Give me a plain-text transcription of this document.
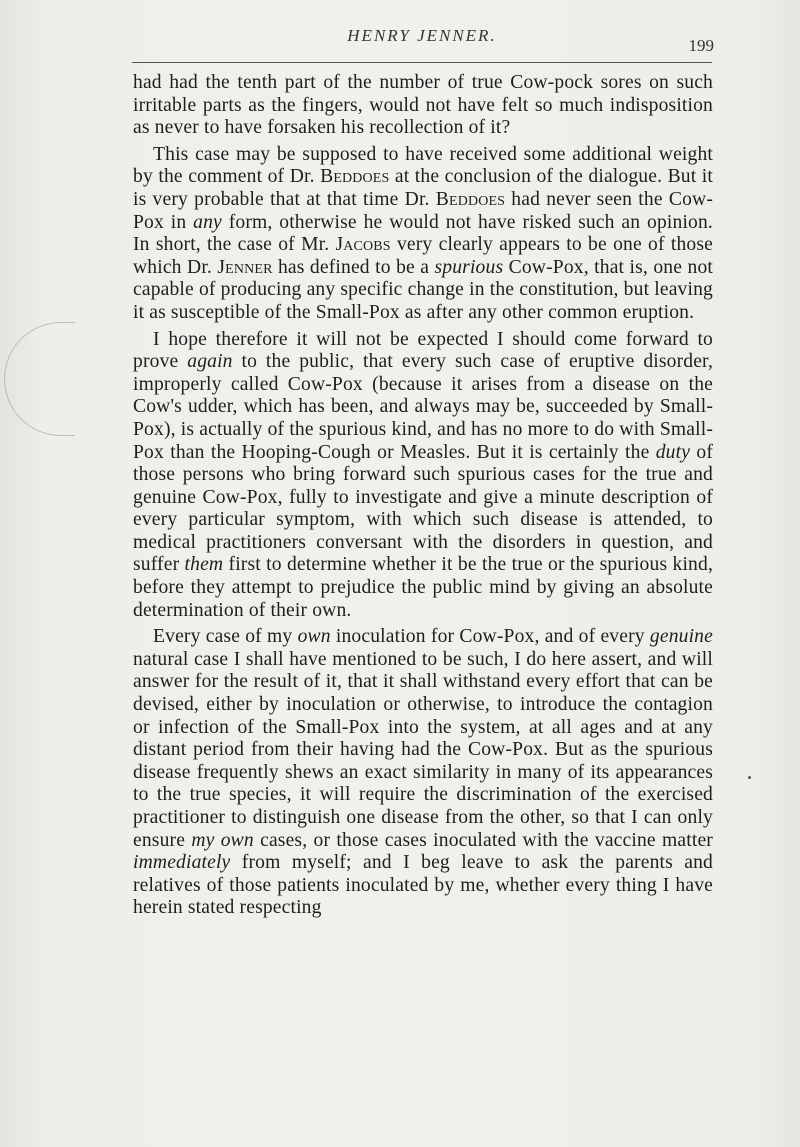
HENRY JENNER.
199

had had the tenth part of the number of true Cow-pock sores on such irritable parts as the fingers, would not have felt so much indisposition as never to have forsaken his recollection of it?

This case may be supposed to have received some additional weight by the comment of Dr. Beddoes at the conclusion of the dialogue. But it is very probable that at that time Dr. Beddoes had never seen the Cow-Pox in any form, otherwise he would not have risked such an opinion. In short, the case of Mr. Jacobs very clearly appears to be one of those which Dr. Jenner has defined to be a spurious Cow-Pox, that is, one not capable of producing any specific change in the constitution, but leaving it as susceptible of the Small-Pox as after any other common eruption.

I hope therefore it will not be expected I should come forward to prove again to the public, that every such case of eruptive disorder, improperly called Cow-Pox (because it arises from a disease on the Cow's udder, which has been, and always may be, succeeded by Small-Pox), is actually of the spurious kind, and has no more to do with Small-Pox than the Hooping-Cough or Measles. But it is certainly the duty of those persons who bring forward such spurious cases for the true and genuine Cow-Pox, fully to investigate and give a minute description of every particular symptom, with which such disease is attended, to medical practitioners conversant with the disorders in question, and suffer them first to determine whether it be the true or the spurious kind, before they attempt to prejudice the public mind by giving an absolute determination of their own.

Every case of my own inoculation for Cow-Pox, and of every genuine natural case I shall have mentioned to be such, I do here assert, and will answer for the result of it, that it shall withstand every effort that can be devised, either by inoculation or otherwise, to introduce the contagion or infection of the Small-Pox into the system, at all ages and at any distant period from their having had the Cow-Pox. But as the spurious disease frequently shews an exact similarity in many of its appearances to the true species, it will require the discrimination of the exercised practitioner to distinguish one disease from the other, so that I can only ensure my own cases, or those cases inoculated with the vaccine matter immediately from myself; and I beg leave to ask the parents and relatives of those patients inoculated by me, whether every thing I have herein stated respecting
